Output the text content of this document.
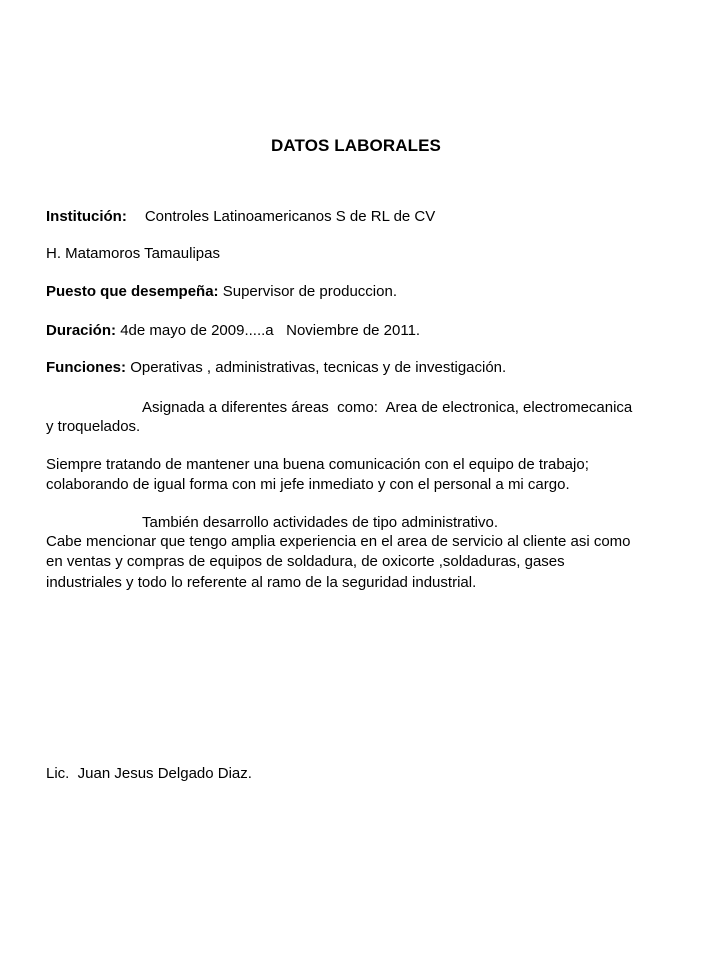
DATOS LABORALES
Institución: Controles Latinoamericanos S de RL de CV
H. Matamoros Tamaulipas
Puesto que desempeña: Supervisor de produccion.
Duración: 4de mayo de 2009.....a   Noviembre de 2011.
Funciones: Operativas , administrativas, tecnicas y de investigación.
Asignada a diferentes áreas  como:  Area de electronica, electromecanica
y troquelados.
Siempre tratando de mantener una buena comunicación con el equipo de trabajo;
colaborando de igual forma con mi jefe inmediato y con el personal a mi cargo.
También desarrollo actividades de tipo administrativo.
Cabe mencionar que tengo amplia experiencia en el area de servicio al cliente asi como
en ventas y compras de equipos de soldadura, de oxicorte ,soldaduras, gases
industriales y todo lo referente al ramo de la seguridad industrial.
Lic.  Juan Jesus Delgado Diaz.
